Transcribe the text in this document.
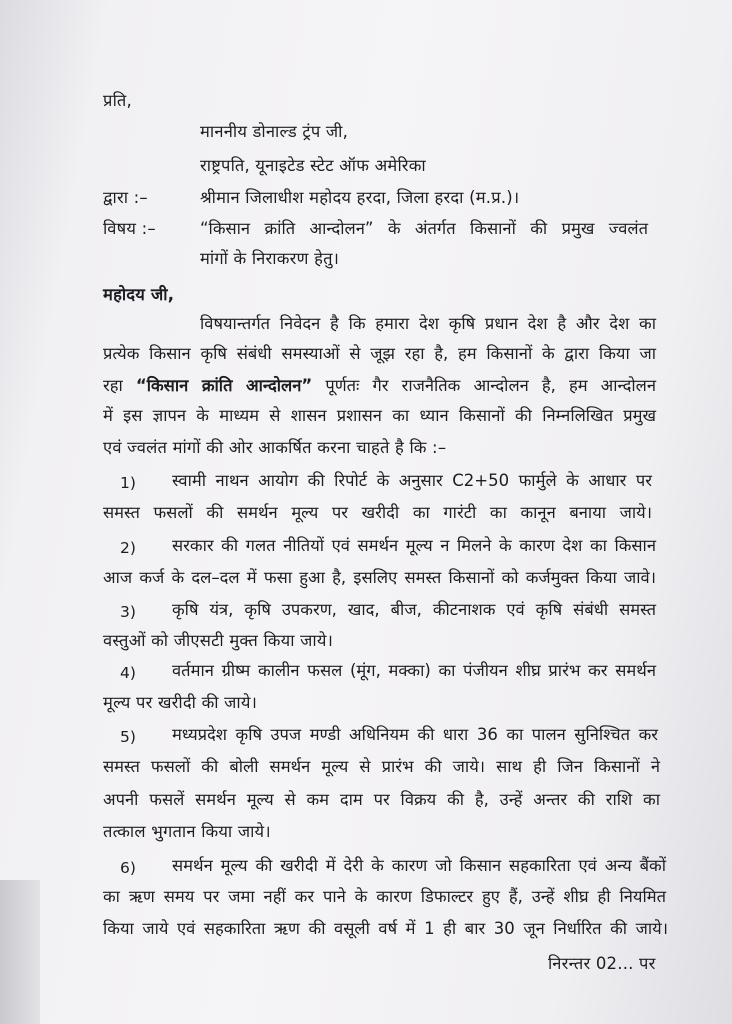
प्रति,
माननीय डोनाल्ड ट्रंप जी,
राष्ट्रपति, यूनाइटेड स्टेट ऑफ अमेरिका
द्वारा :–	श्रीमान जिलाधीश महोदय हरदा, जिला हरदा (म.प्र.)।
विषय :–	“किसान क्रांति आन्दोलन” के अंतर्गत किसानों की प्रमुख ज्वलंत
मांगों के निराकरण हेतु।
महोदय जी,
विषयान्तर्गत निवेदन है कि हमारा देश कृषि प्रधान देश है और देश का
प्रत्येक किसान कृषि संबंधी समस्याओं से जूझ रहा है, हम किसानों के द्वारा किया जा
रहा “किसान क्रांति आन्दोलन” पूर्णतः गैर राजनैतिक आन्दोलन है, हम आन्दोलन
में इस ज्ञापन के माध्यम से शासन प्रशासन का ध्यान किसानों की निम्नलिखित प्रमुख
एवं ज्वलंत मांगों की ओर आकर्षित करना चाहते है कि :–
1) स्वामी नाथन आयोग की रिपोर्ट के अनुसार C2+50 फार्मुले के आधार पर
समस्त फसलों की समर्थन मूल्य पर खरीदी का गारंटी का कानून बनाया जाये।
2) सरकार की गलत नीतियों एवं समर्थन मूल्य न मिलने के कारण देश का किसान
आज कर्ज के दल–दल में फसा हुआ है, इसलिए समस्त किसानों को कर्जमुक्त किया जावे।
3) कृषि यंत्र, कृषि उपकरण, खाद, बीज, कीटनाशक एवं कृषि संबंधी समस्त
वस्तुओं को जीएसटी मुक्त किया जाये।
4) वर्तमान ग्रीष्म कालीन फसल (मूंग, मक्का) का पंजीयन शीघ्र प्रारंभ कर समर्थन
मूल्य पर खरीदी की जाये।
5) मध्यप्रदेश कृषि उपज मण्डी अधिनियम की धारा 36 का पालन सुनिश्चित कर
समस्त फसलों की बोली समर्थन मूल्य से प्रारंभ की जाये। साथ ही जिन किसानों ने
अपनी फसलें समर्थन मूल्य से कम दाम पर विक्रय की है, उन्हें अन्तर की राशि का
तत्काल भुगतान किया जाये।
6) समर्थन मूल्य की खरीदी में देरी के कारण जो किसान सहकारिता एवं अन्य बैंकों
का ऋण समय पर जमा नहीं कर पाने के कारण डिफाल्टर हुए हैं, उन्हें शीघ्र ही नियमित
किया जाये एवं सहकारिता ऋण की वसूली वर्ष में 1 ही बार 30 जून निर्धारित की जाये।
निरन्तर 02... पर
